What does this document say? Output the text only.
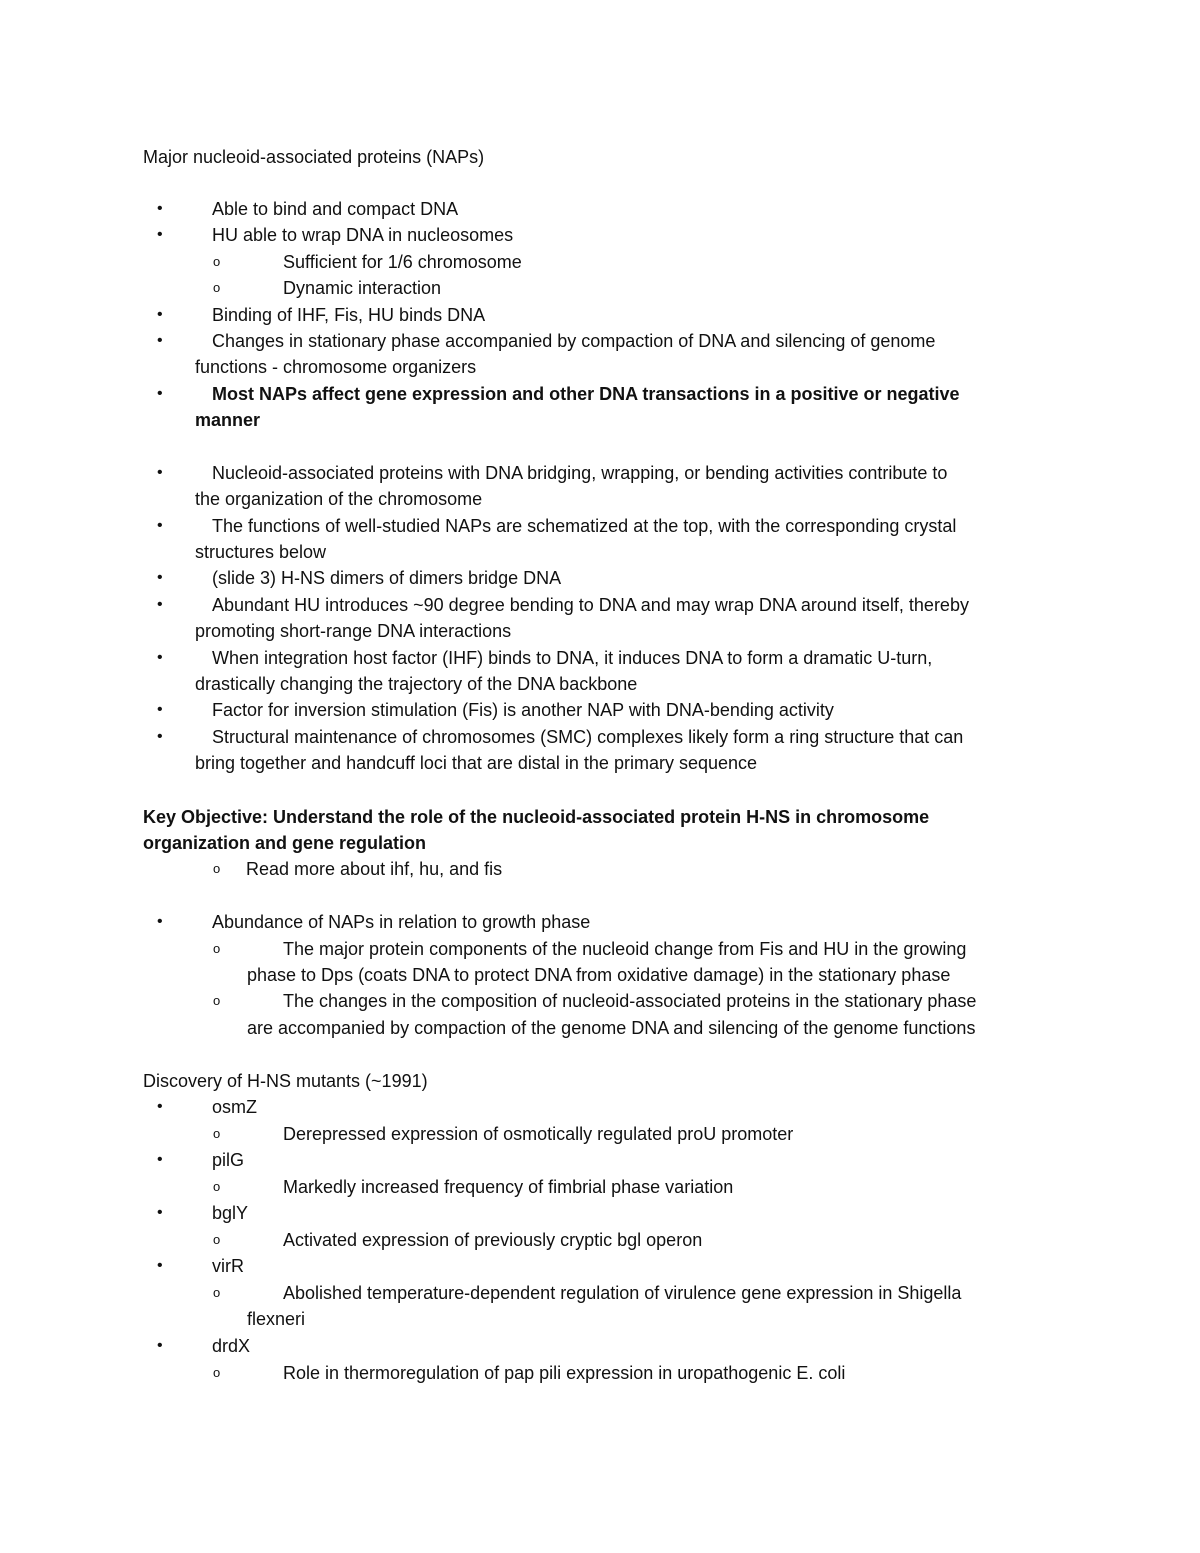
Major nucleoid-associated proteins (NAPs)
•	Able to bind and compact DNA
•	HU able to wrap DNA in nucleosomes
o	Sufficient for 1/6 chromosome
o	Dynamic interaction
•	Binding of IHF, Fis, HU binds DNA
•	Changes in stationary phase accompanied by compaction of DNA and silencing of genome
functions - chromosome organizers
•	Most NAPs affect gene expression and other DNA transactions in a positive or negative
manner
•	Nucleoid-associated proteins with DNA bridging, wrapping, or bending activities contribute to
the organization of the chromosome
•	The functions of well-studied NAPs are schematized at the top, with the corresponding crystal
structures below
•	(slide 3) H-NS dimers of dimers bridge DNA
•	Abundant HU introduces ~90 degree bending to DNA and may wrap DNA around itself, thereby
promoting short-range DNA interactions
•	When integration host factor (IHF) binds to DNA, it induces DNA to form a dramatic U-turn,
drastically changing the trajectory of the DNA backbone
•	Factor for inversion stimulation (Fis) is another NAP with DNA-bending activity
•	Structural maintenance of chromosomes (SMC) complexes likely form a ring structure that can
bring together and handcuff loci that are distal in the primary sequence
Key Objective: Understand the role of the nucleoid-associated protein H-NS in chromosome
organization and gene regulation
o Read more about ihf, hu, and fis
•	Abundance of NAPs in relation to growth phase
o	The major protein components of the nucleoid change from Fis and HU in the growing
phase to Dps (coats DNA to protect DNA from oxidative damage) in the stationary phase
o	The changes in the composition of nucleoid-associated proteins in the stationary phase
are accompanied by compaction of the genome DNA and silencing of the genome functions
Discovery of H-NS mutants (~1991)
•	osmZ
o	Derepressed expression of osmotically regulated proU promoter
•	pilG
o	Markedly increased frequency of fimbrial phase variation
•	bglY
o	Activated expression of previously cryptic bgl operon
•	virR
o	Abolished temperature-dependent regulation of virulence gene expression in Shigella
flexneri
•	drdX
o	Role in thermoregulation of pap pili expression in uropathogenic E. coli
